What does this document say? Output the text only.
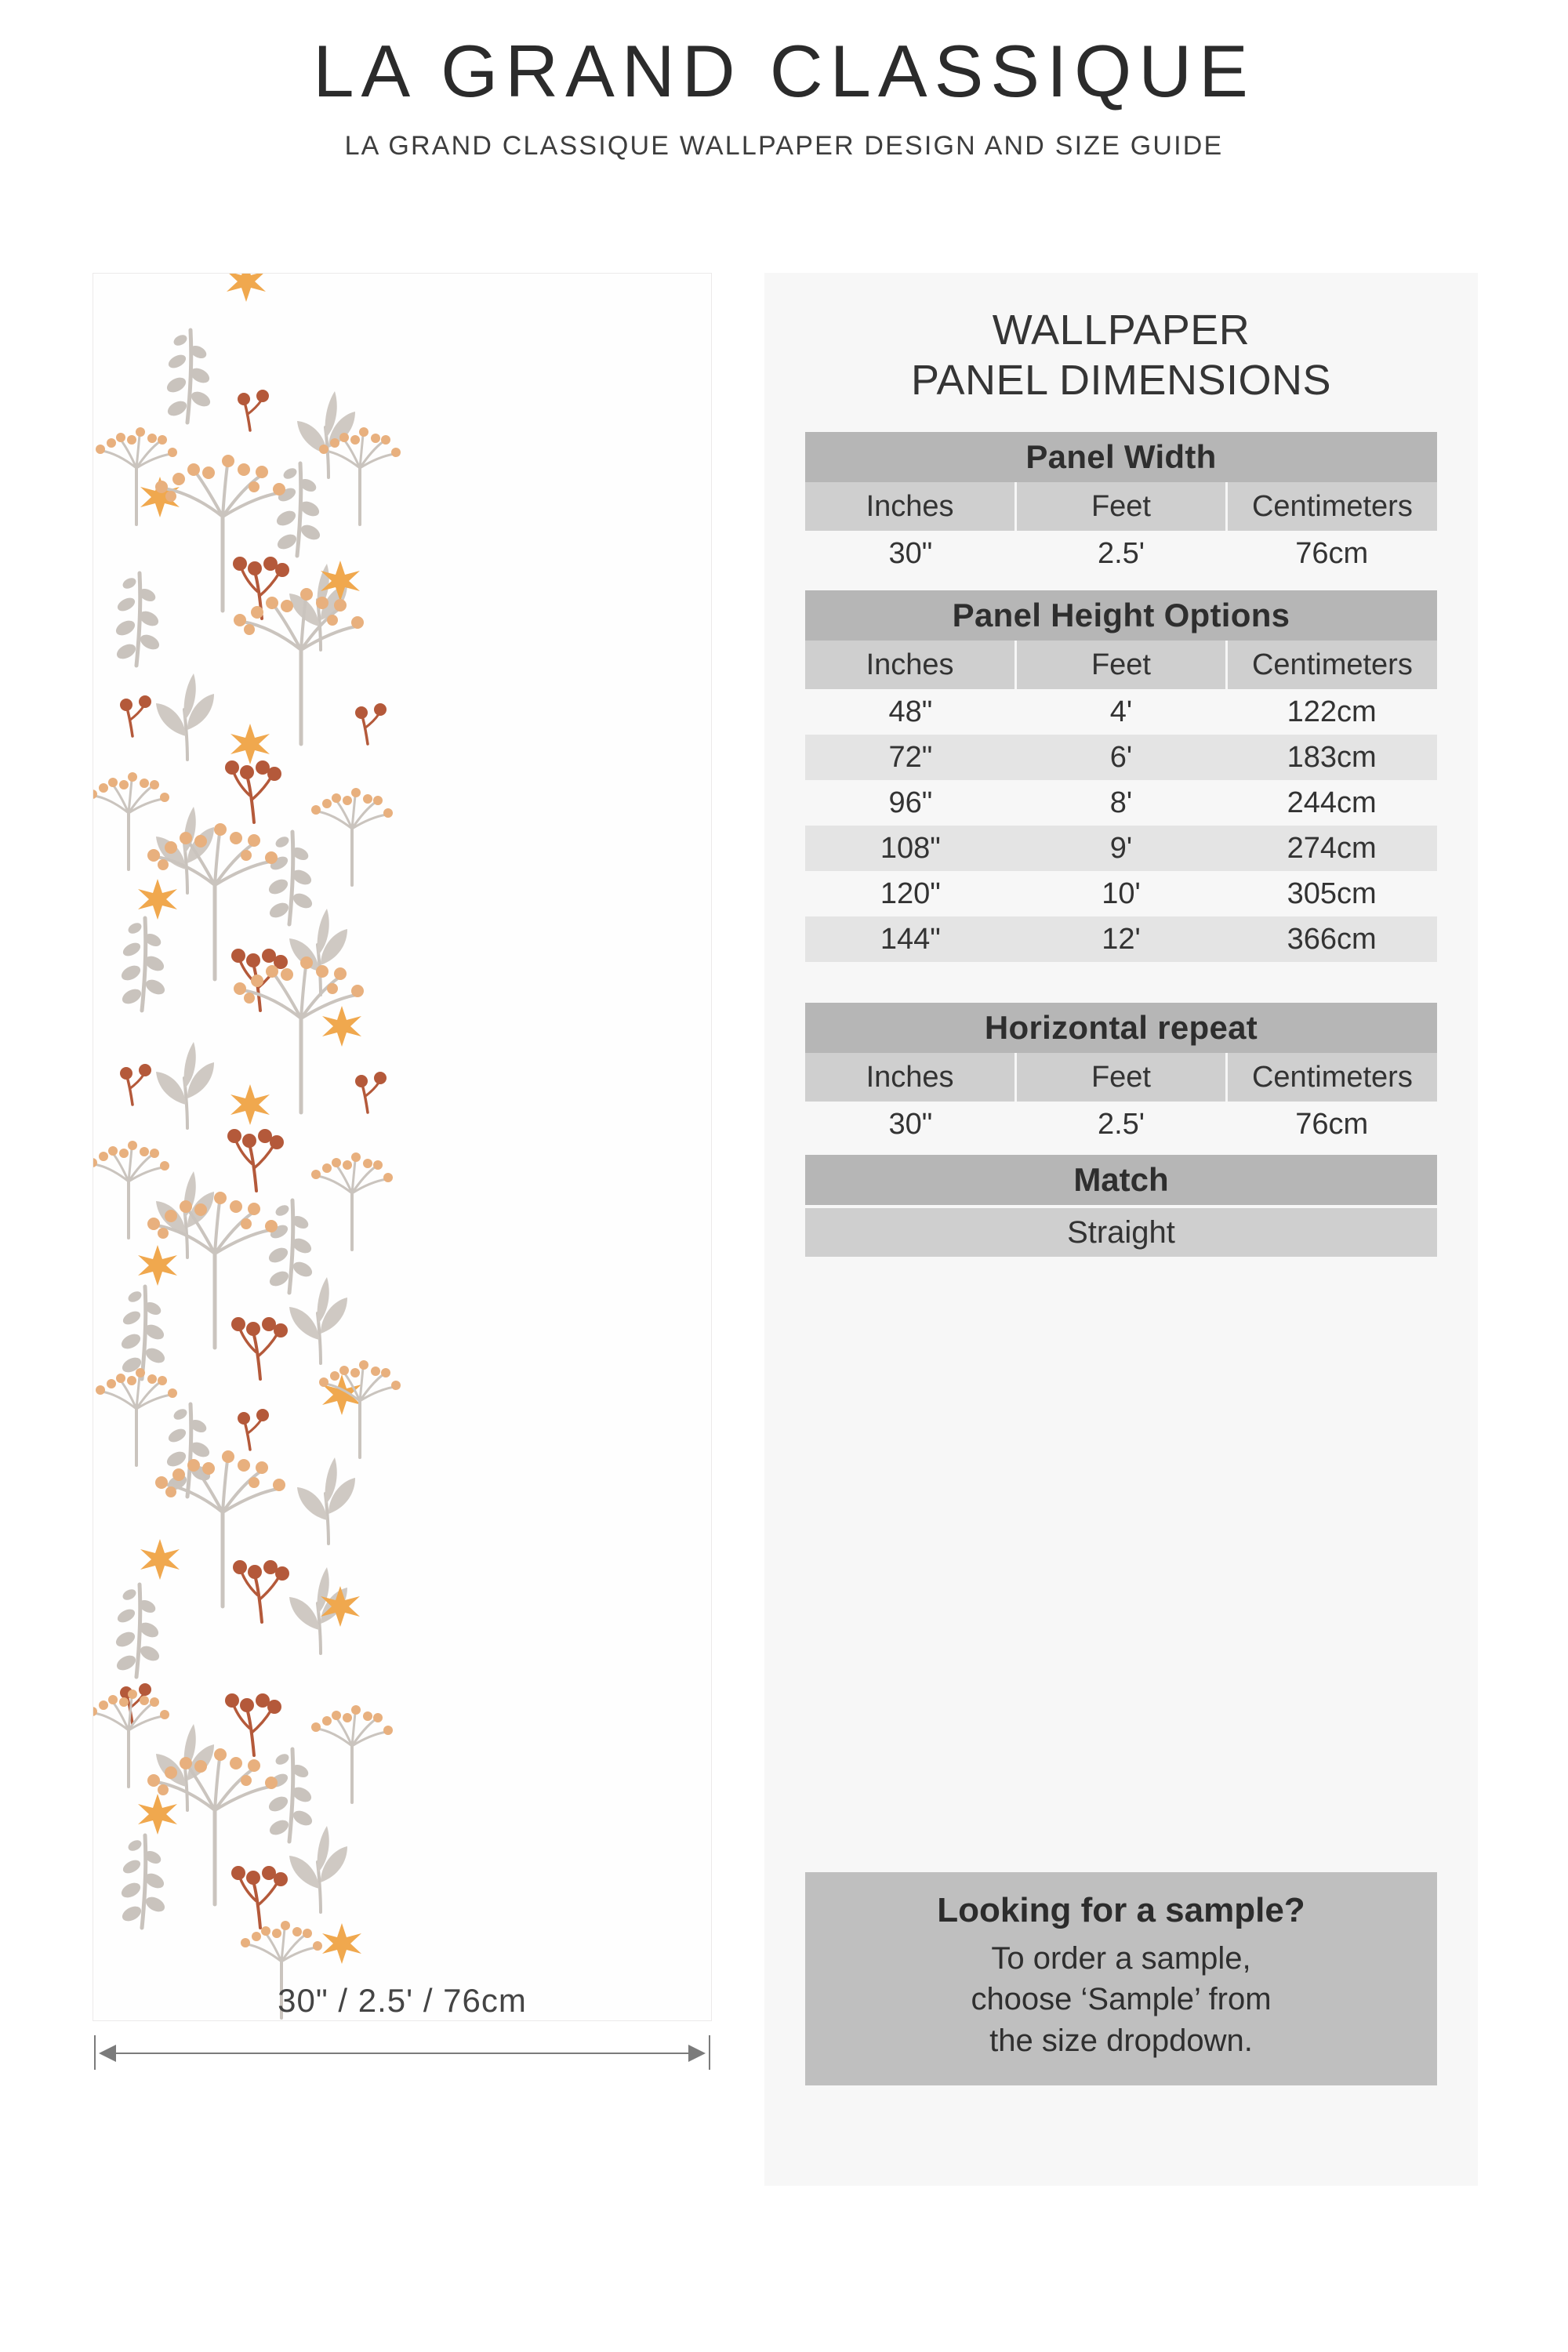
LA GRAND CLASSIQUE
LA GRAND CLASSIQUE WALLPAPER DESIGN AND SIZE GUIDE
30" / 2.5' / 76cm
WALLPAPER
PANEL DIMENSIONS
Panel Width		
Inches	Feet	Centimeters
30"	2.5'	76cm

Panel Height Options		
Inches	Feet	Centimeters
48"	4'	122cm
72"	6'	183cm
96"	8'	244cm
108"	9'	274cm
120"	10'	305cm
144"	12'	366cm
Horizontal repeat		
Inches	Feet	Centimeters
30"	2.5'	76cm
Match
Straight
Looking for a sample?
To order a sample,
choose ‘Sample’ from
the size dropdown.
